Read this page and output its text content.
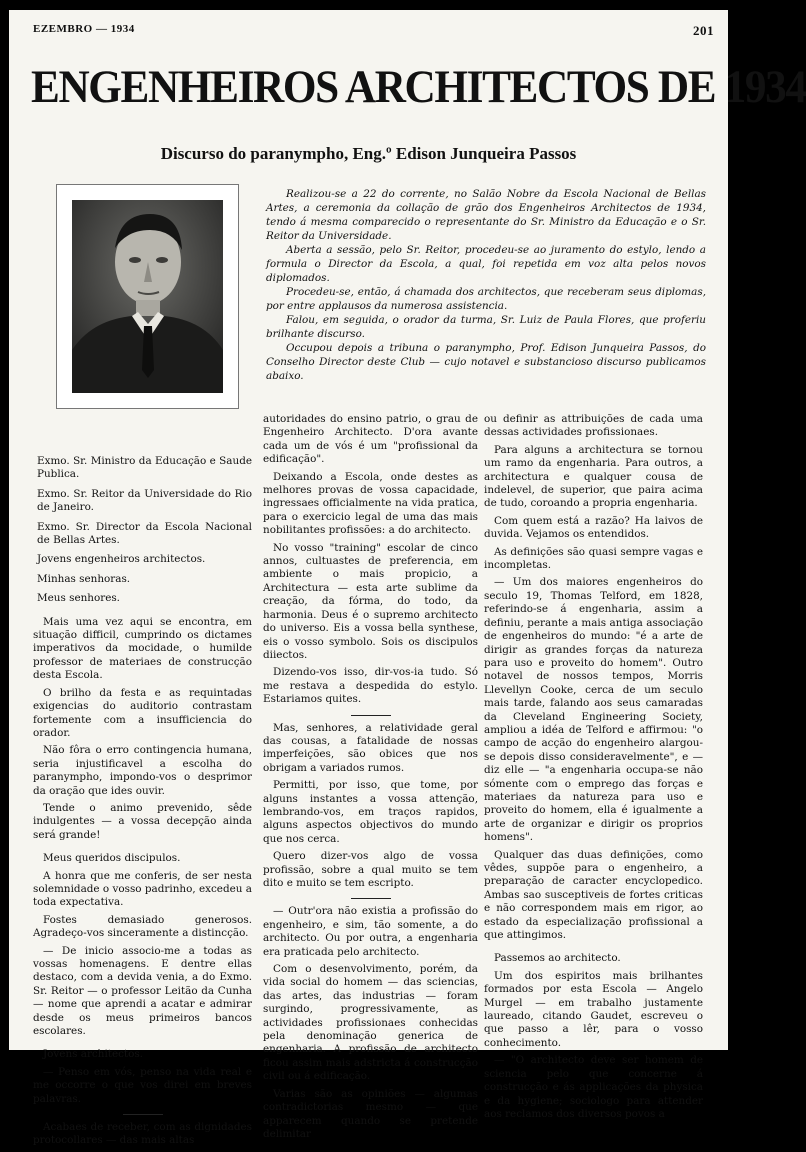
EZEMBRO — 1934	201
ENGENHEIROS ARCHITECTOS DE 1934
Discurso do paranympho, Eng.º Edison Junqueira Passos

Realizou-se a 22 do corrente, no Salão Nobre da Escola Nacional de Bellas Artes, a ceremonia da collação de grão dos Engenheiros Architectos de 1934, tendo á mesma comparecido o representante do Sr. Ministro da Educação e o Sr. Reitor da Universidade.

Aberta a sessão, pelo Sr. Reitor, procedeu-se ao juramento do estylo, lendo a formula o Director da Escola, a qual, foi repetida em voz alta pelos novos diplomados.

Procedeu-se, então, á chamada dos architectos, que receberam seus diplomas, por entre applausos da numerosa assistencia.

Falou, em seguida, o orador da turma, Sr. Luiz de Paula Flores, que proferiu brilhante discurso.

Occupou depois a tribuna o paranympho, Prof. Edison Junqueira Passos, do Conselho Director deste Club — cujo notavel e substancioso discurso publicamos abaixo.

Exmo. Sr. Ministro da Educação e Saude Publica.

Exmo. Sr. Reitor da Universidade do Rio de Janeiro.

Exmo. Sr. Director da Escola Nacional de Bellas Artes.

Jovens engenheiros architectos.

Minhas senhoras.

Meus senhores.

Mais uma vez aqui se encontra, em situação difficil, cumprindo os dictames imperativos da mocidade, o humilde professor de materiaes de construcção desta Escola.

O brilho da festa e as requintadas exigencias do auditorio contrastam fortemente com a insufficiencia do orador.

Não fôra o erro contingencia humana, seria injustificavel a escolha do paranympho, impondo-vos o desprimor da oração que ides ouvir.

Tende o animo prevenido, sêde indulgentes — a vossa decepção ainda será grande!

Meus queridos discipulos.

A honra que me conferis, de ser nesta solemnidade o vosso padrinho, excedeu a toda expectativa.

Fostes demasiado generosos. Agradeço-vos sinceramente a distincção.

— De inicio associo-me a todas as vossas homenagens. E dentre ellas destaco, com a devida venia, a do Exmo. Sr. Reitor — o professor Leitão da Cunha — nome que aprendi a acatar e admirar desde os meus primeiros bancos escolares.

Jovens architectos.

— Penso em vós, penso na vida real e me occorre o que vos direi em breves palavras.

Acabaes de receber, com as dignidades protocollares — das mais altas

autoridades do ensino patrio, o grau de Engenheiro Architecto. D'ora avante cada um de vós é um "profissional da edificação".

Deixando a Escola, onde destes as melhores provas de vossa capacidade, ingressaes officialmente na vida pratica, para o exercicio legal de uma das mais nobilitantes profissões: a do architecto.

No vosso "training" escolar de cinco annos, cultuastes de preferencia, em ambiente o mais propicio, a Architectura — esta arte sublime da creação, da fórma, do todo, da harmonia. Deus é o supremo architecto do universo. Eis a vossa bella synthese, eis o vosso symbolo. Sois os discipulos diiectos.

Dizendo-vos isso, dir-vos-ia tudo. Só me restava a despedida do estylo. Estariamos quites.

Mas, senhores, a relatividade geral das cousas, a fatalidade de nossas imperfeições, são obices que nos obrigam a variados rumos.

Permitti, por isso, que tome, por alguns instantes a vossa attenção, lembrando-vos, em traços rapidos, alguns aspectos objectivos do mundo que nos cerca.

Quero dizer-vos algo de vossa profissão, sobre a qual muito se tem dito e muito se tem escripto.

— Outr'ora não existia a profissão do engenheiro, e sim, tão somente, a do architecto. Ou por outra, a engenharia era praticada pelo architecto.

Com o desenvolvimento, porém, da vida social do homem — das sciencias, das artes, das industrias — foram surgindo, progressivamente, as actividades profissionaes conhecidas pela denominação generica de engenharia. A profissão de architecto ficou assim mais adstricta á construcção civil ou á edificação.

Varias são as opiniões — algumas contradictorias mesmo — que apparecem quando se pretende delimitar

ou definir as attribuições de cada uma dessas actividades profissionaes.

Para alguns a architectura se tornou um ramo da engenharia. Para outros, a architectura e qualquer cousa de indelevel, de superior, que paira acima de tudo, coroando a propria engenharia.

Com quem está a razão? Ha laivos de duvida. Vejamos os entendidos.

As definições são quasi sempre vagas e incompletas.

— Um dos maiores engenheiros do seculo 19, Thomas Telford, em 1828, referindo-se á engenharia, assim a definiu, perante a mais antiga associação de engenheiros do mundo: "é a arte de dirigir as grandes forças da natureza para uso e proveito do homem". Outro notavel de nossos tempos, Morris Llevellyn Cooke, cerca de um seculo mais tarde, falando aos seus camaradas da Cleveland Engineering Society, ampliou a idéa de Telford e affirmou: "o campo de acção do engenheiro alargou-se depois disso consideravelmente", e — diz elle — "a engenharia occupa-se não sómente com o emprego das forças e materiaes da natureza para uso e proveito do homem, ella é igualmente a arte de organizar e dirigir os proprios homens".

Qualquer das duas definições, como vêdes, suppõe para o engenheiro, a preparação de caracter encyclopedico. Ambas sao susceptiveis de fortes criticas e não correspondem mais em rigor, ao estado da especialização profissional a que attingimos.

Passemos ao architecto.

Um dos espiritos mais brilhantes formados por esta Escola — Angelo Murgel — em trabalho justamente laureado, citando Gaudet, escreveu o que passo a lêr, para o vosso conhecimento.

— "O architecto deve ser homem de sciencia pelo que concerne á construcção e ás applicações da physica e da hygiene; sociologo para attender aos reclamos dos diversos povos a
